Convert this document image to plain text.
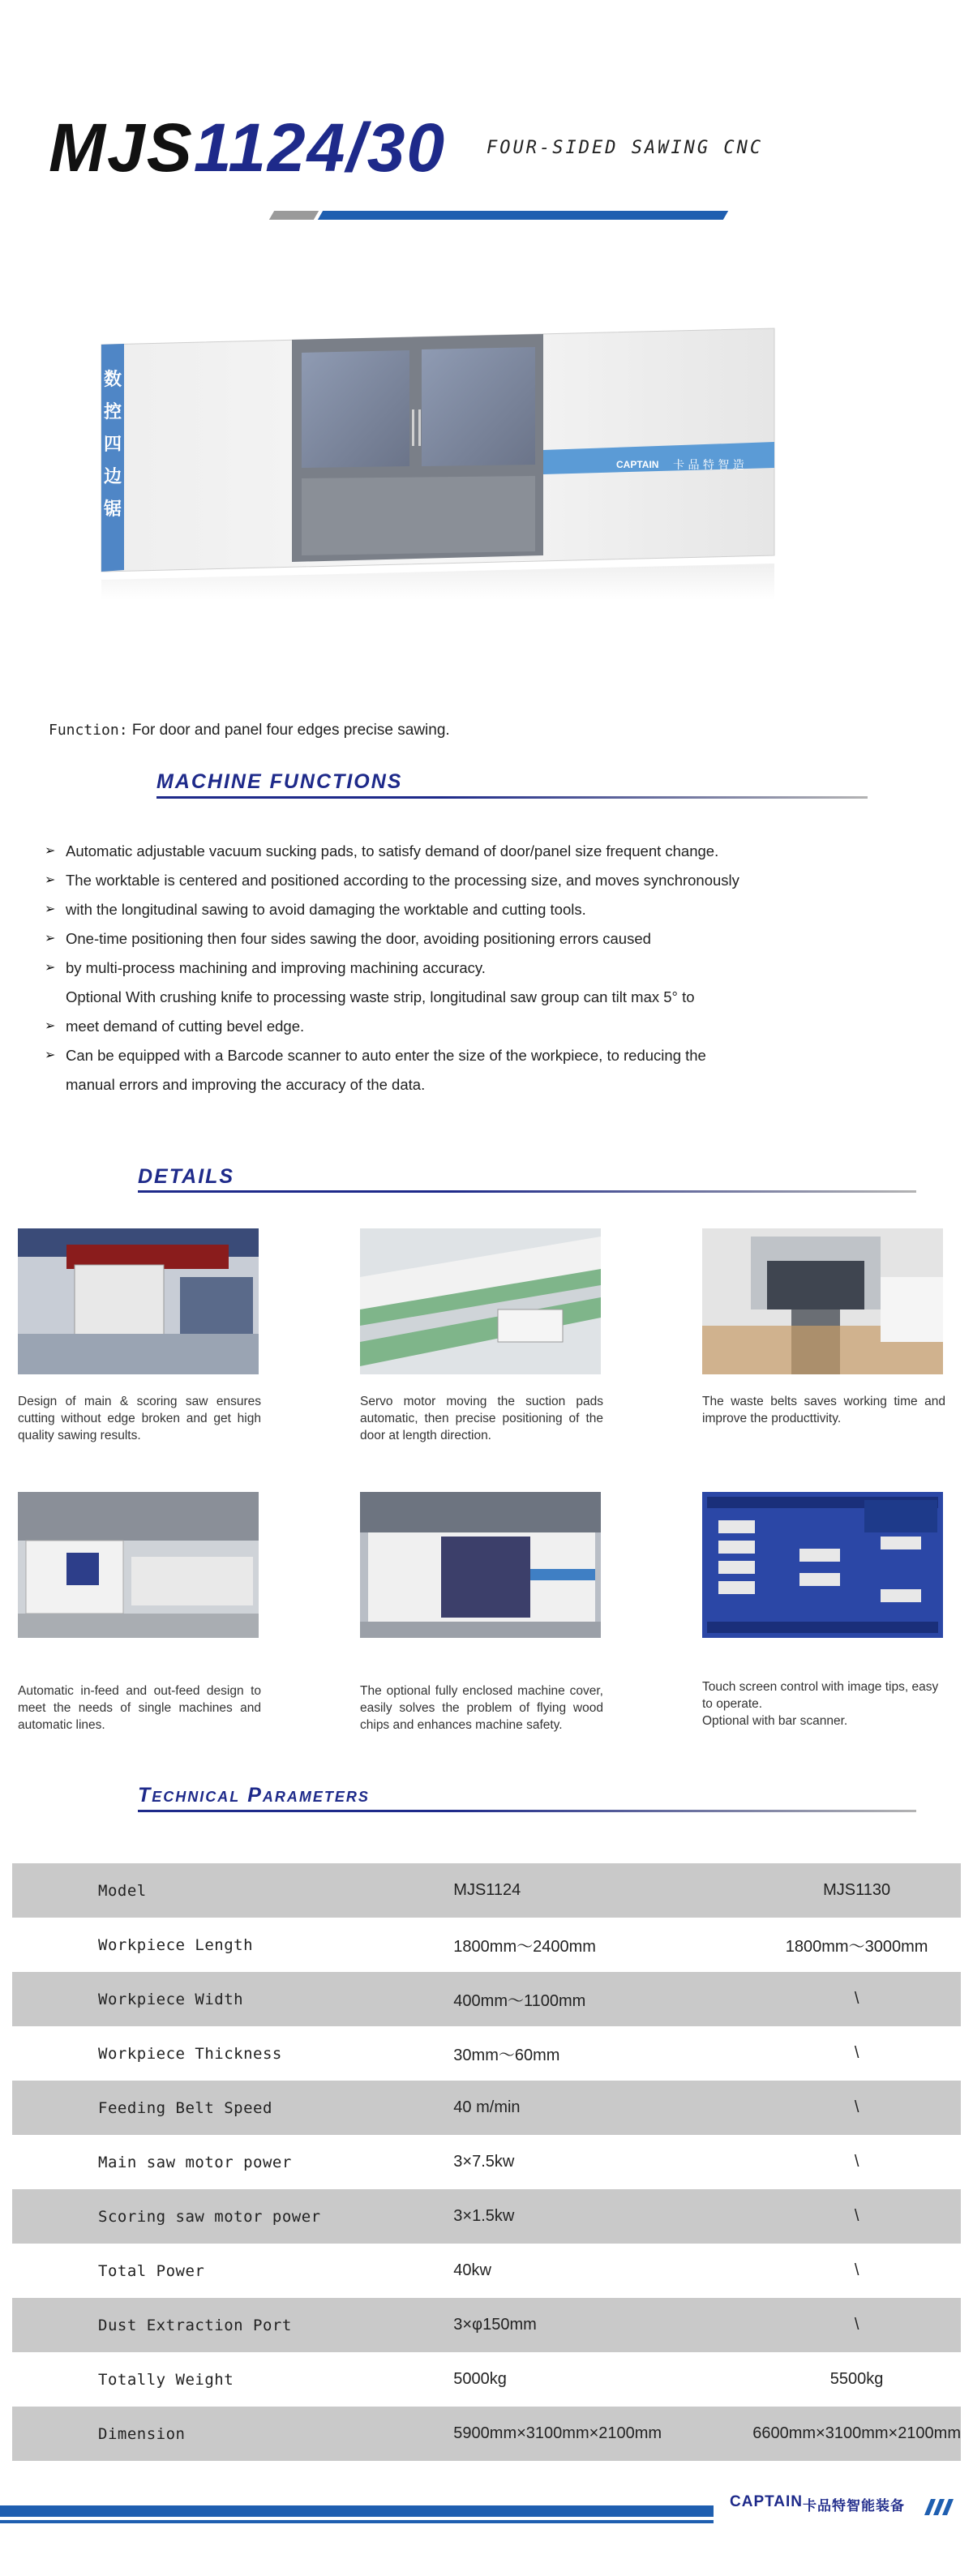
MJS1124/30 FOUR-SIDED SAWING CNC
数
控
四
边
锯
CAPTAIN 卡 品 特 智 造
Function: For door and panel four edges precise sawing.
MACHINE FUNCTIONS
➢ Automatic adjustable vacuum sucking pads, to satisfy demand of door/panel size frequent change.
➢ The worktable is centered and positioned according to the processing size, and moves synchronously
➢ with the longitudinal sawing to avoid damaging the worktable and cutting tools.
➢ One-time positioning then four sides sawing the door, avoiding positioning errors caused
➢ by multi-process machining and improving machining accuracy.
Optional With crushing knife to processing waste strip, longitudinal saw group can tilt max 5° to
➢ meet demand of cutting bevel edge.
➢ Can be equipped with a Barcode scanner to auto enter the size of the workpiece, to reducing the
manual errors and improving the accuracy of the data.
DETAILS
Design of main & scoring saw ensures cutting without edge broken and get high quality sawing results.
Servo motor moving the suction pads automatic, then precise positioning of the door at length direction.
The waste belts saves working time and improve the producttivity.
Automatic in-feed and out-feed design to meet the needs of single machines and automatic lines.
The optional fully enclosed machine cover, easily solves the problem of flying wood chips and enhances machine safety.
Touch screen control with image tips, easy to operate.
Optional with bar scanner.
Technical Parameters
Model	MJS1124	MJS1130
Workpiece Length	1800mm～2400mm	1800mm～3000mm
Workpiece Width	400mm～1100mm	\
Workpiece Thickness	30mm～60mm	\
Feeding Belt Speed	40 m/min	\
Main saw motor power	3×7.5kw	\
Scoring saw motor power	3×1.5kw	\
Total Power	40kw	\
Dust Extraction Port	3×φ150mm	\
Totally Weight	5000kg	5500kg
Dimension	5900mm×3100mm×2100mm	6600mm×3100mm×2100mm
CAPTAIN 卡品特智能装备
